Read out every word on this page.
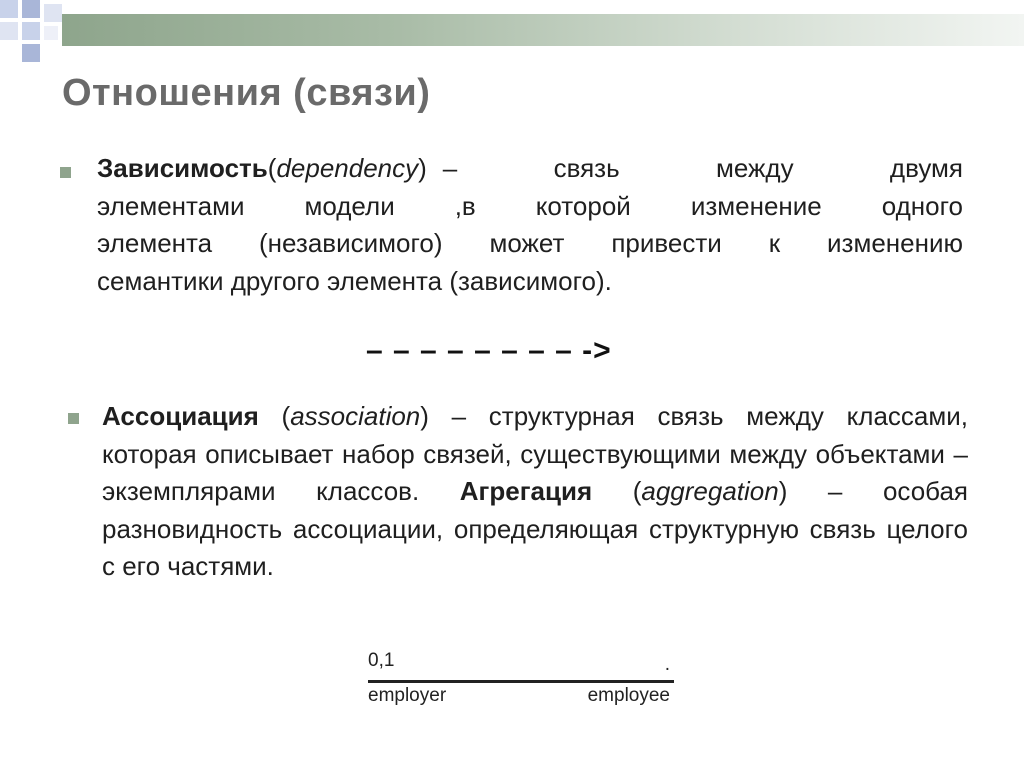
Отношения (связи)
Зависимость (dependency) – связь между двумя
элементами модели ,в которой изменение одного
элемента (независимого) может привести к изменению
семантики другого элемента (зависимого).
– – – – – – – – ->
Ассоциация (association) – структурная связь между классами, которая описывает набор связей, существующими между объектами – экземплярами классов. Агрегация (aggregation) – особая разновидность ассоциации, определяющая структурную связь целого с его частями.
0,1	.
employer	employee
